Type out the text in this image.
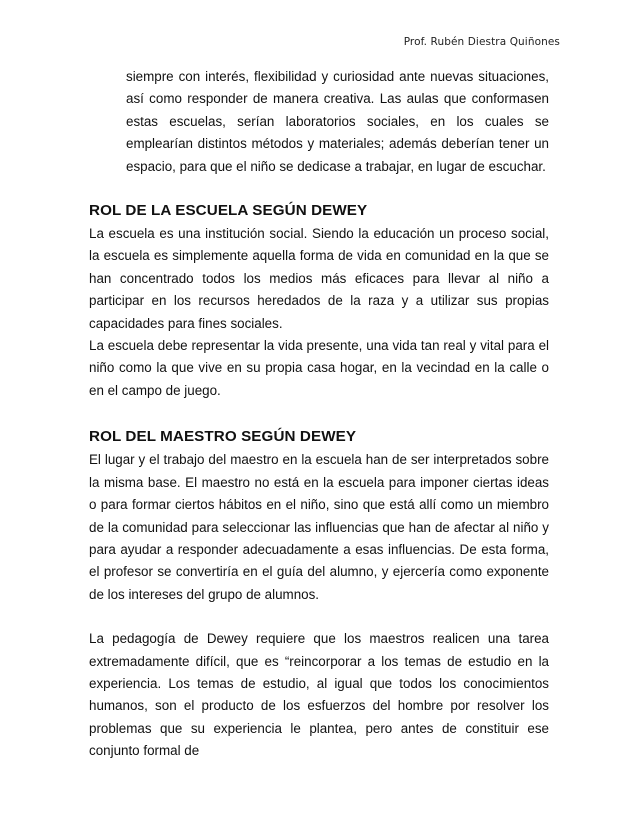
Prof. Rubén Diestra Quiñones

siempre con interés, flexibilidad y curiosidad ante nuevas situaciones, así como responder de manera creativa. Las aulas que conformasen estas escuelas, serían laboratorios sociales, en los cuales se emplearían distintos métodos y materiales; además deberían tener un espacio, para que el niño se dedicase a trabajar, en lugar de escuchar.

ROL DE LA ESCUELA SEGÚN DEWEY

La escuela es una institución social. Siendo la educación un proceso social, la escuela es simplemente aquella forma de vida en comunidad en la que se han concentrado todos los medios más eficaces para llevar al niño a participar en los recursos heredados de la raza y a utilizar sus propias capacidades para fines sociales.

La escuela debe representar la vida presente, una vida tan real y vital para el niño como la que vive en su propia casa hogar, en la vecindad en la calle o en el campo de juego.

ROL DEL MAESTRO SEGÚN DEWEY

El lugar y el trabajo del maestro en la escuela han de ser interpretados sobre la misma base. El maestro no está en la escuela para imponer ciertas ideas o para formar ciertos hábitos en el niño, sino que está allí como un miembro de la comunidad para seleccionar las influencias que han de afectar al niño y para ayudar a responder adecuadamente a esas influencias. De esta forma, el profesor se convertiría en el guía del alumno, y ejercería como exponente de los intereses del grupo de alumnos.

La pedagogía de Dewey requiere que los maestros realicen una tarea extremadamente difícil, que es “reincorporar a los temas de estudio en la experiencia. Los temas de estudio, al igual que todos los conocimientos humanos, son el producto de los esfuerzos del hombre por resolver los problemas que su experiencia le plantea, pero antes de constituir ese conjunto formal de
